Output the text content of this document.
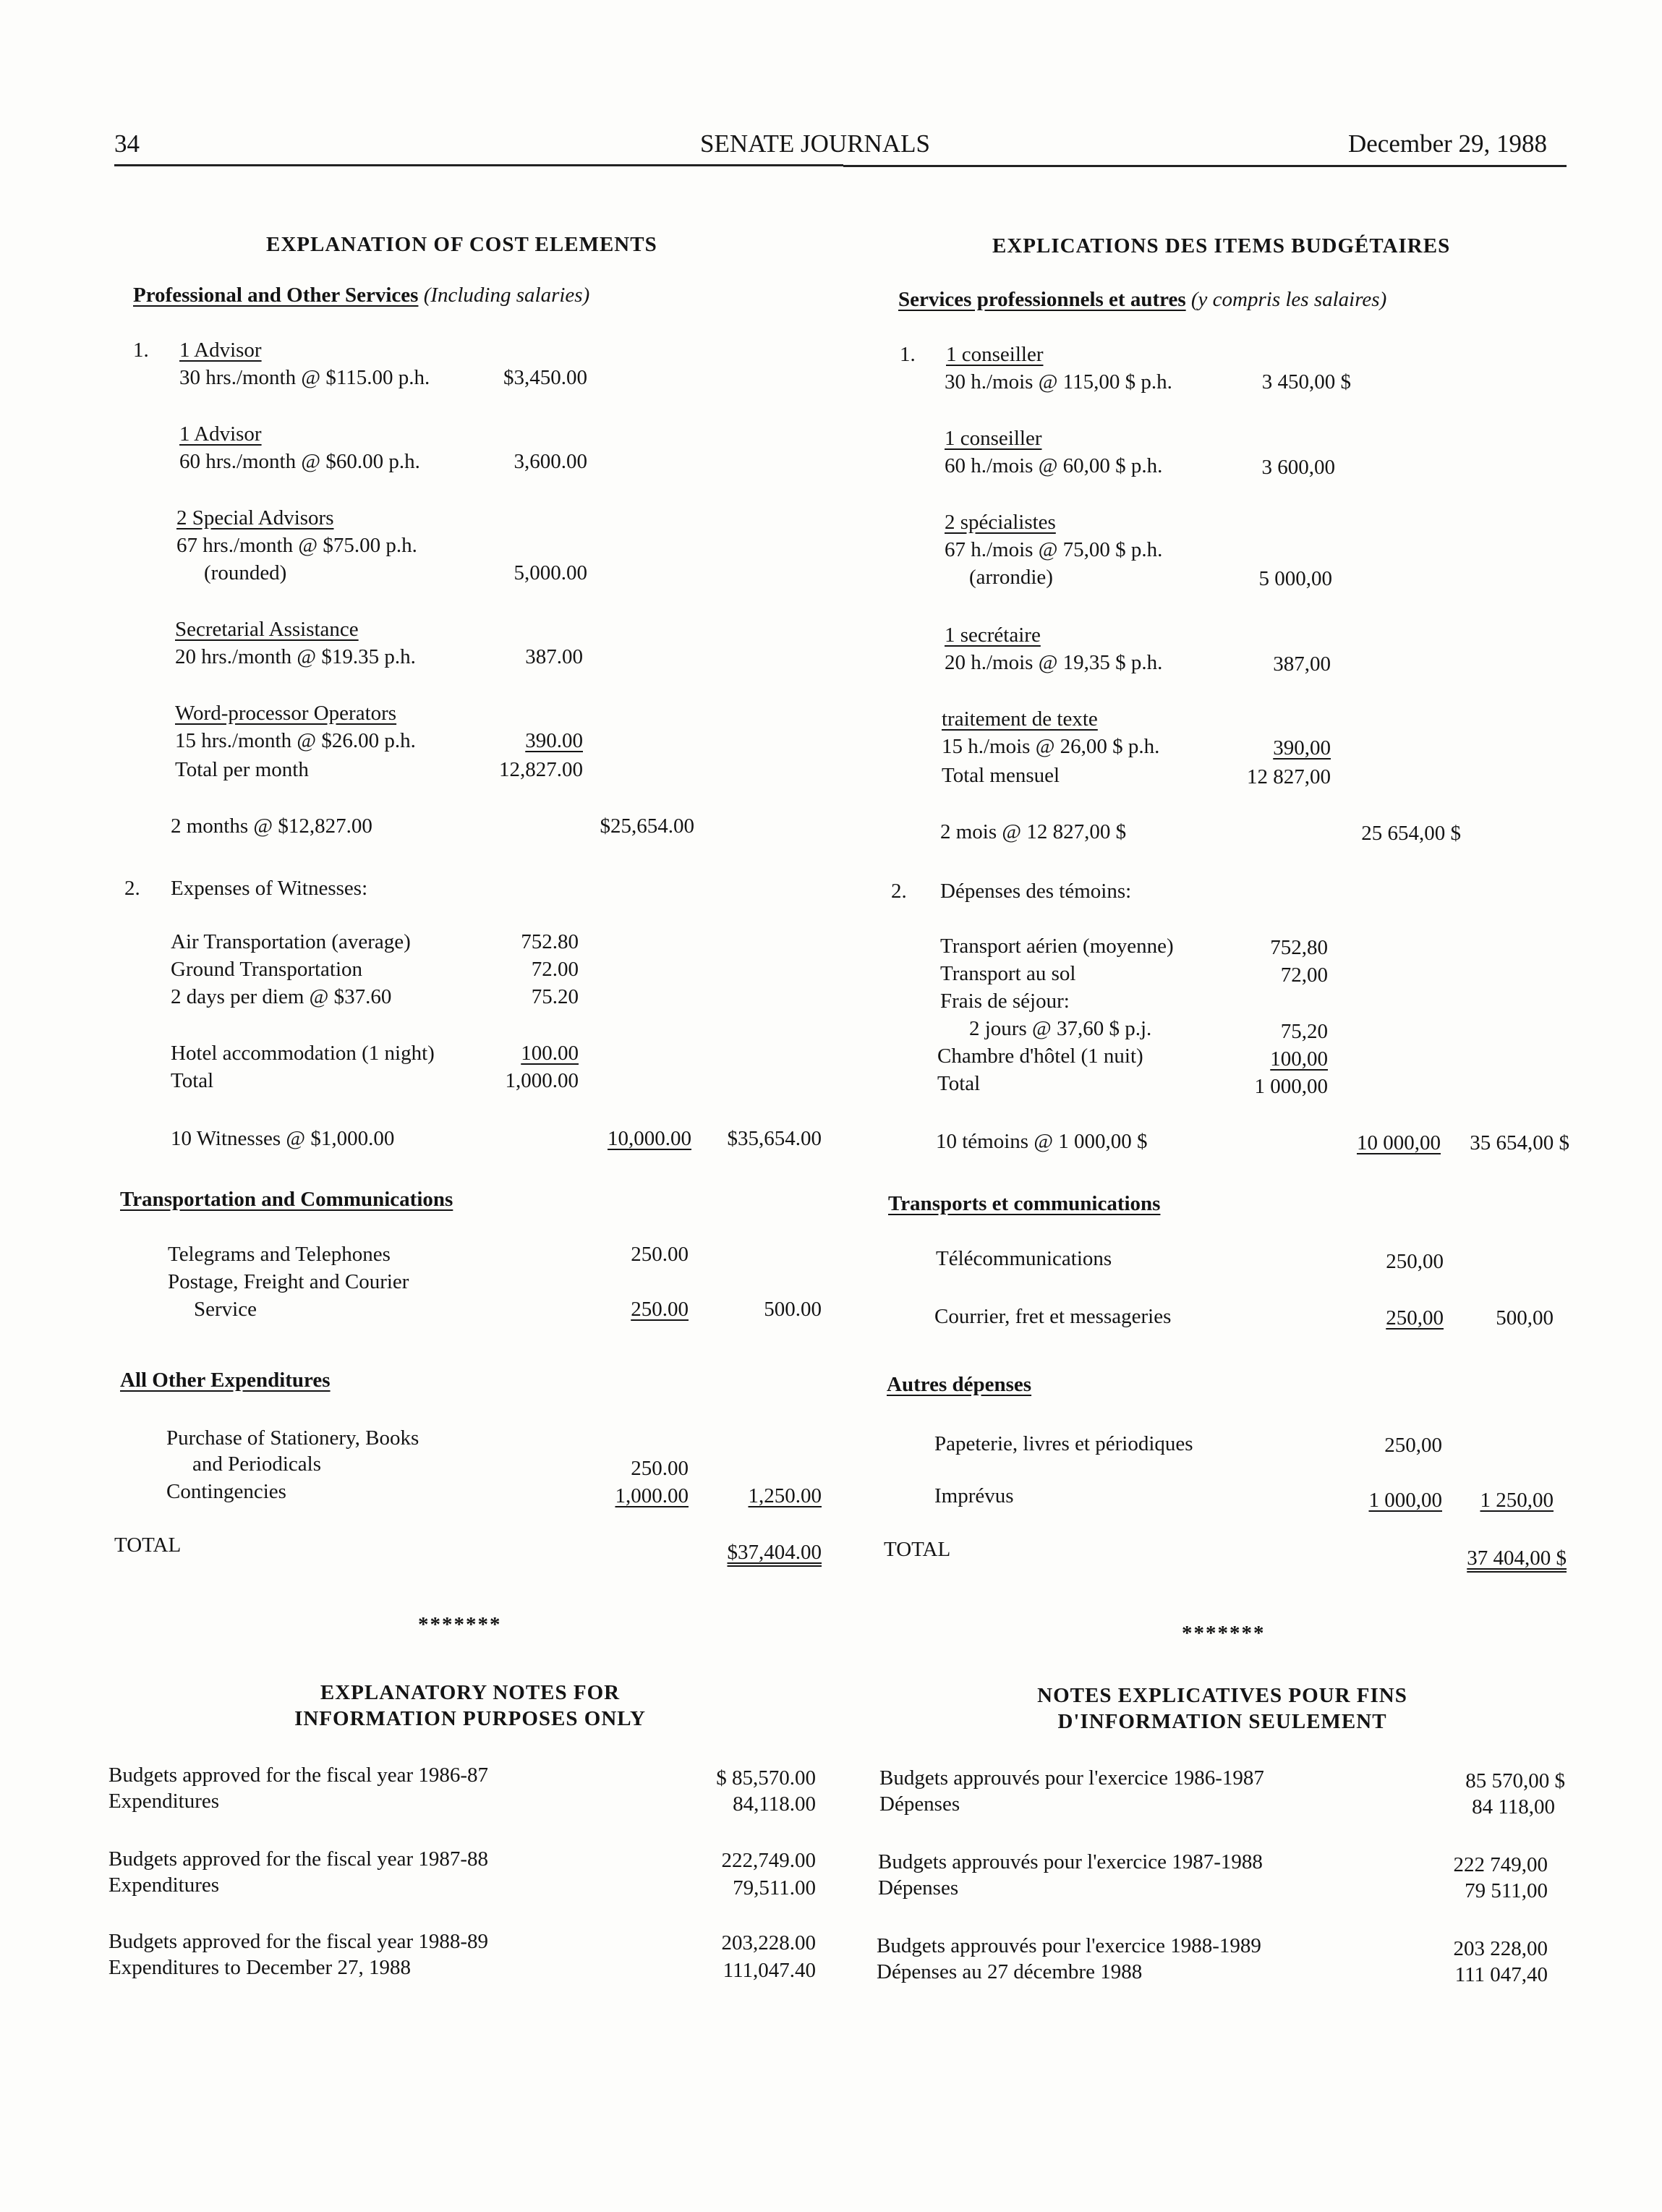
34	SENATE JOURNALS	December 29, 1988
EXPLANATION OF COST ELEMENTS
Professional and Other Services (Including salaries)
1. 1 Advisor
30 hrs./month @ $115.00 p.h.	$3,450.00
1 Advisor
60 hrs./month @ $60.00 p.h.	3,600.00
2 Special Advisors
67 hrs./month @ $75.00 p.h.
(rounded)	5,000.00
Secretarial Assistance
20 hrs./month @ $19.35 p.h.	387.00
Word-processor Operators
15 hrs./month @ $26.00 p.h.	390.00
Total per month	12,827.00
2 months @ $12,827.00	$25,654.00
2. Expenses of Witnesses:
Air Transportation (average)	752.80
Ground Transportation	72.00
2 days per diem @ $37.60	75.20
Hotel accommodation (1 night)	100.00
Total	1,000.00
10 Witnesses @ $1,000.00	10,000.00	$35,654.00
Transportation and Communications
Telegrams and Telephones	250.00
Postage, Freight and Courier
Service	250.00	500.00
All Other Expenditures
Purchase of Stationery, Books
and Periodicals	250.00
Contingencies	1,000.00	1,250.00
TOTAL	$37,404.00
*******
EXPLANATORY NOTES FOR
INFORMATION PURPOSES ONLY
Budgets approved for the fiscal year 1986-87	$ 85,570.00
Expenditures	84,118.00
Budgets approved for the fiscal year 1987-88	222,749.00
Expenditures	79,511.00
Budgets approved for the fiscal year 1988-89	203,228.00
Expenditures to December 27, 1988	111,047.40
EXPLICATIONS DES ITEMS BUDGÉTAIRES
Services professionnels et autres (y compris les salaires)
1. 1 conseiller
30 h./mois @ 115,00 $ p.h.	3 450,00 $
1 conseiller
60 h./mois @ 60,00 $ p.h.	3 600,00
2 spécialistes
67 h./mois @ 75,00 $ p.h.
(arrondie)	5 000,00
1 secrétaire
20 h./mois @ 19,35 $ p.h.	387,00
traitement de texte
15 h./mois @ 26,00 $ p.h.	390,00
Total mensuel	12 827,00
2 mois @ 12 827,00 $	25 654,00 $
2. Dépenses des témoins:
Transport aérien (moyenne)	752,80
Transport au sol	72,00
Frais de séjour:
2 jours @ 37,60 $ p.j.	75,20
Chambre d'hôtel (1 nuit)	100,00
Total	1 000,00
10 témoins @ 1 000,00 $	10 000,00	35 654,00 $
Transports et communications
Télécommunications	250,00
Courrier, fret et messageries	250,00	500,00
Autres dépenses
Papeterie, livres et périodiques	250,00
Imprévus	1 000,00	1 250,00
TOTAL	37 404,00 $
*******
NOTES EXPLICATIVES POUR FINS
D'INFORMATION SEULEMENT
Budgets approuvés pour l'exercice 1986-1987	85 570,00 $
Dépenses	84 118,00
Budgets approuvés pour l'exercice 1987-1988	222 749,00
Dépenses	79 511,00
Budgets approuvés pour l'exercice 1988-1989	203 228,00
Dépenses au 27 décembre 1988	111 047,40
